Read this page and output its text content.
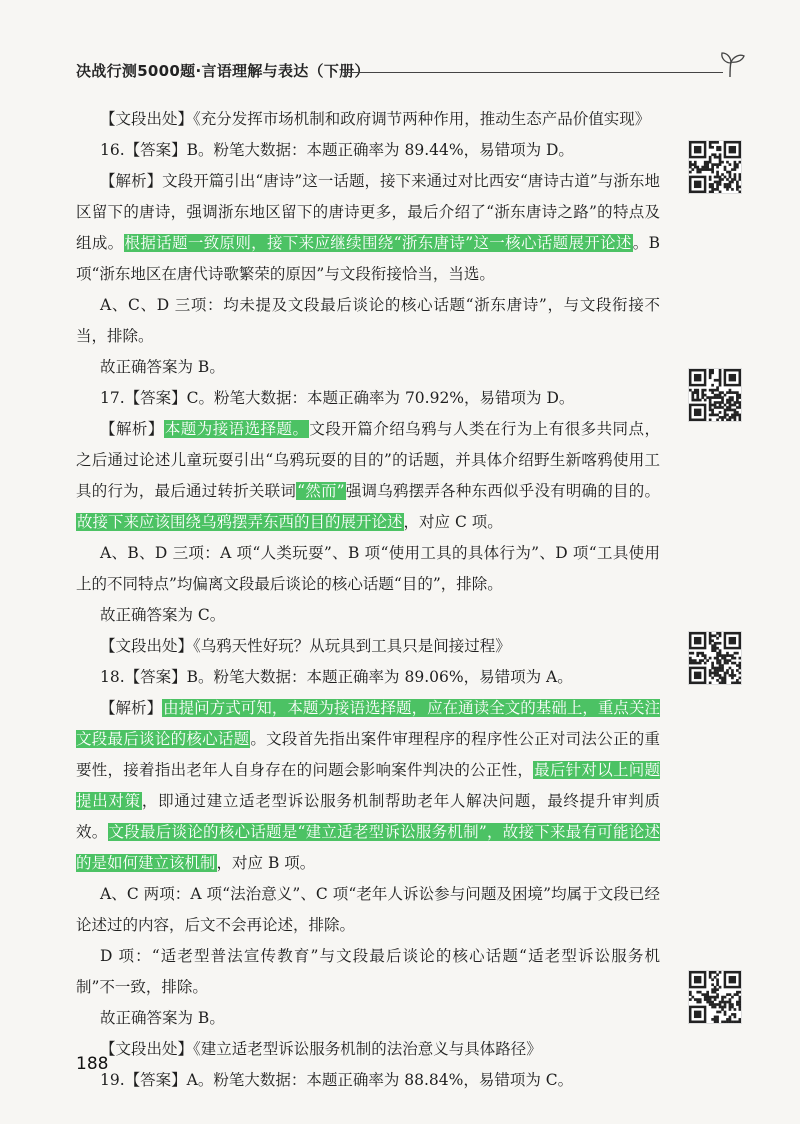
决战行测5000题·言语理解与表达（下册）

【文段出处】《充分发挥市场机制和政府调节两种作用，推动生态产品价值实现》

16.【答案】B。粉笔大数据：本题正确率为 89.44%，易错项为 D。

【解析】文段开篇引出“唐诗”这一话题，接下来通过对比西安“唐诗古道”与浙东地区留下的唐诗，强调浙东地区留下的唐诗更多，最后介绍了“浙东唐诗之路”的特点及组成。根据话题一致原则，接下来应继续围绕“浙东唐诗”这一核心话题展开论述。B 项“浙东地区在唐代诗歌繁荣的原因”与文段衔接恰当，当选。

A、C、D 三项：均未提及文段最后谈论的核心话题“浙东唐诗”，与文段衔接不当，排除。

故正确答案为 B。

17.【答案】C。粉笔大数据：本题正确率为 70.92%，易错项为 D。

【解析】本题为接语选择题。文段开篇介绍乌鸦与人类在行为上有很多共同点，之后通过论述儿童玩耍引出“乌鸦玩耍的目的”的话题，并具体介绍野生新喀鸦使用工具的行为，最后通过转折关联词“然而”强调乌鸦摆弄各种东西似乎没有明确的目的。故接下来应该围绕乌鸦摆弄东西的目的展开论述，对应 C 项。

A、B、D 三项：A 项“人类玩耍”、B 项“使用工具的具体行为”、D 项“工具使用上的不同特点”均偏离文段最后谈论的核心话题“目的”，排除。

故正确答案为 C。

【文段出处】《乌鸦天性好玩？从玩具到工具只是间接过程》

18.【答案】B。粉笔大数据：本题正确率为 89.06%，易错项为 A。

【解析】由提问方式可知，本题为接语选择题，应在通读全文的基础上，重点关注文段最后谈论的核心话题。文段首先指出案件审理程序的程序性公正对司法公正的重要性，接着指出老年人自身存在的问题会影响案件判决的公正性，最后针对以上问题提出对策，即通过建立适老型诉讼服务机制帮助老年人解决问题，最终提升审判质效。文段最后谈论的核心话题是“建立适老型诉讼服务机制”，故接下来最有可能论述的是如何建立该机制，对应 B 项。

A、C 两项：A 项“法治意义”、C 项“老年人诉讼参与问题及困境”均属于文段已经论述过的内容，后文不会再论述，排除。

D 项：“适老型普法宣传教育”与文段最后谈论的核心话题“适老型诉讼服务机制”不一致，排除。

故正确答案为 B。

【文段出处】《建立适老型诉讼服务机制的法治意义与具体路径》

19.【答案】A。粉笔大数据：本题正确率为 88.84%，易错项为 C。

188
